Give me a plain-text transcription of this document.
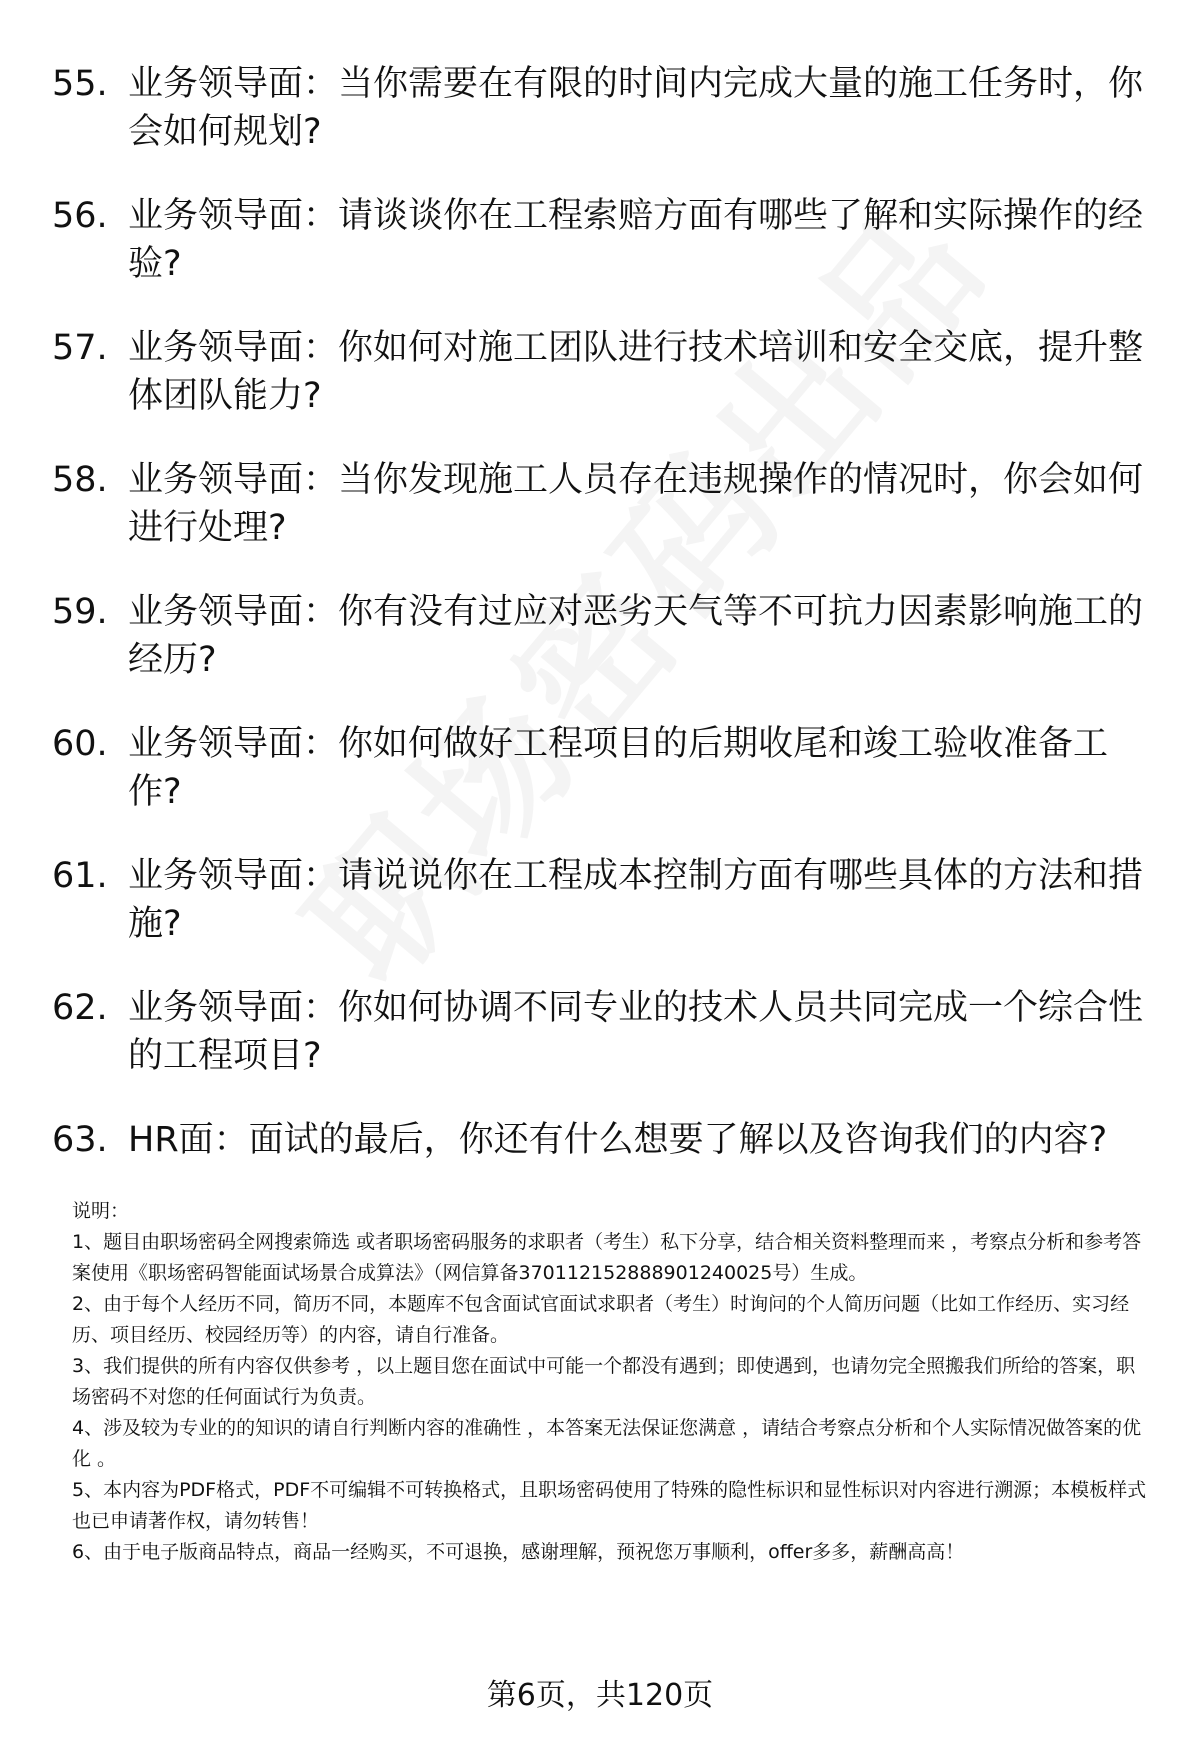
55. 业务领导面：当你需要在有限的时间内完成大量的施工任务时，你会如何规划?
56. 业务领导面：请谈谈你在工程索赔方面有哪些了解和实际操作的经验?
57. 业务领导面：你如何对施工团队进行技术培训和安全交底，提升整体团队能力?
58. 业务领导面：当你发现施工人员存在违规操作的情况时，你会如何进行处理?
59. 业务领导面：你有没有过应对恶劣天气等不可抗力因素影响施工的经历?
60. 业务领导面：你如何做好工程项目的后期收尾和竣工验收准备工作?
61. 业务领导面：请说说你在工程成本控制方面有哪些具体的方法和措施?
62. 业务领导面：你如何协调不同专业的技术人员共同完成一个综合性的工程项目?
63. HR面：面试的最后，你还有什么想要了解以及咨询我们的内容?

说明：

1、题目由职场密码全网搜索筛选 或者职场密码服务的求职者（考生）私下分享，结合相关资料整理而来 ，考察点分析和参考答案使用《职场密码智能面试场景合成算法》（网信算备370112152888901240025号）生成。

2、由于每个人经历不同，简历不同，本题库不包含面试官面试求职者（考生）时询问的个人简历问题（比如工作经历、实习经历、项目经历、校园经历等）的内容，请自行准备。

3、我们提供的所有内容仅供参考 ，以上题目您在面试中可能一个都没有遇到；即使遇到，也请勿完全照搬我们所给的答案，职场密码不对您的任何面试行为负责。

4、涉及较为专业的的知识的请自行判断内容的准确性 ，本答案无法保证您满意 ，请结合考察点分析和个人实际情况做答案的优化 。

5、本内容为PDF格式，PDF不可编辑不可转换格式，且职场密码使用了特殊的隐性标识和显性标识对内容进行溯源；本模板样式也已申请著作权，请勿转售！

6、由于电子版商品特点，商品一经购买，不可退换，感谢理解，预祝您万事顺利，offer多多，薪酬高高！

第6页，共120页
